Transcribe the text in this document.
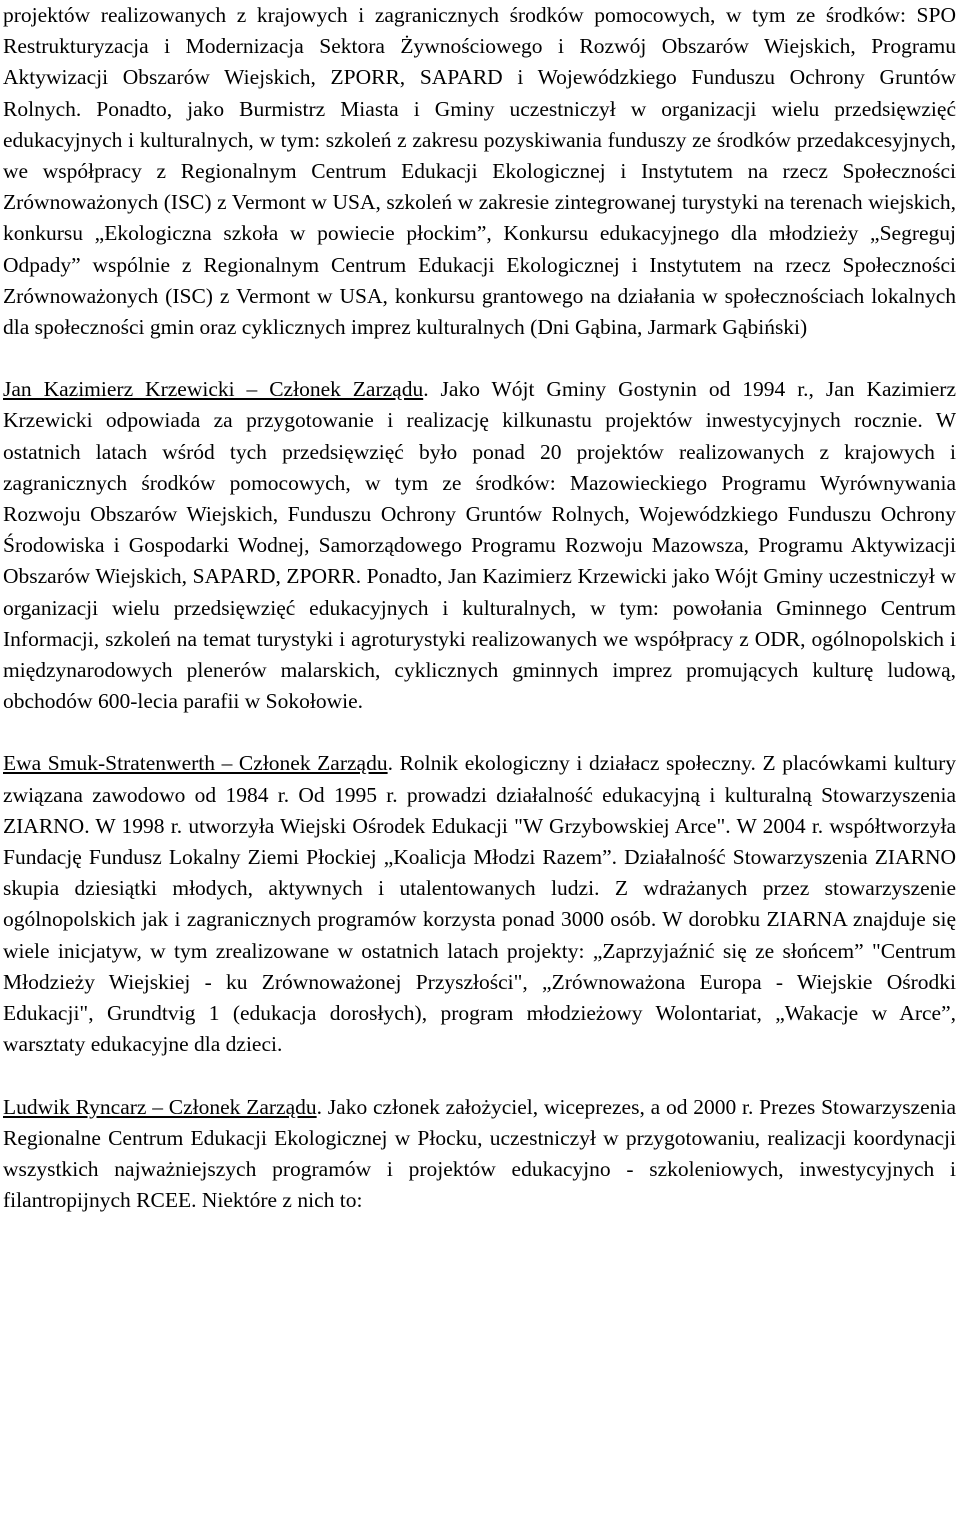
projektów realizowanych z krajowych i zagranicznych środków pomocowych, w tym ze środków: SPO Restrukturyzacja i Modernizacja Sektora Żywnościowego i Rozwój Obszarów Wiejskich, Programu Aktywizacji Obszarów Wiejskich, ZPORR, SAPARD i Wojewódzkiego Funduszu Ochrony Gruntów Rolnych. Ponadto, jako Burmistrz Miasta i Gminy uczestniczył w organizacji wielu przedsięwzięć edukacyjnych i kulturalnych, w tym: szkoleń z zakresu pozyskiwania funduszy ze środków przedakcesyjnych, we współpracy z Regionalnym Centrum Edukacji Ekologicznej i Instytutem na rzecz Społeczności Zrównoważonych (ISC) z Vermont w USA, szkoleń w zakresie zintegrowanej turystyki na terenach wiejskich, konkursu „Ekologiczna szkoła w powiecie płockim”, Konkursu edukacyjnego dla młodzieży „Segreguj Odpady” wspólnie z Regionalnym Centrum Edukacji Ekologicznej i Instytutem na rzecz Społeczności Zrównoważonych (ISC) z Vermont w USA, konkursu grantowego na działania w społecznościach lokalnych dla społeczności gmin oraz cyklicznych imprez kulturalnych (Dni Gąbina, Jarmark Gąbiński)

Jan Kazimierz Krzewicki – Członek Zarządu. Jako Wójt Gminy Gostynin od 1994 r., Jan Kazimierz Krzewicki odpowiada za przygotowanie i realizację kilkunastu projektów inwestycyjnych rocznie. W ostatnich latach wśród tych przedsięwzięć było ponad 20 projektów realizowanych z krajowych i zagranicznych środków pomocowych, w tym ze środków: Mazowieckiego Programu Wyrównywania Rozwoju Obszarów Wiejskich, Funduszu Ochrony Gruntów Rolnych, Wojewódzkiego Funduszu Ochrony Środowiska i Gospodarki Wodnej, Samorządowego Programu Rozwoju Mazowsza, Programu Aktywizacji Obszarów Wiejskich, SAPARD, ZPORR. Ponadto, Jan Kazimierz Krzewicki jako Wójt Gminy uczestniczył w organizacji wielu przedsięwzięć edukacyjnych i kulturalnych, w tym: powołania Gminnego Centrum Informacji, szkoleń na temat turystyki i agroturystyki realizowanych we współpracy z ODR, ogólnopolskich i międzynarodowych plenerów malarskich, cyklicznych gminnych imprez promujących kulturę ludową, obchodów 600-lecia parafii w Sokołowie.

Ewa Smuk-Stratenwerth – Członek Zarządu. Rolnik ekologiczny i działacz społeczny. Z placówkami kultury związana zawodowo od 1984 r. Od 1995 r. prowadzi działalność edukacyjną i kulturalną Stowarzyszenia ZIARNO. W 1998 r. utworzyła Wiejski Ośrodek Edukacji "W Grzybowskiej Arce". W 2004 r. współtworzyła Fundację Fundusz Lokalny Ziemi Płockiej „Koalicja Młodzi Razem”. Działalność Stowarzyszenia ZIARNO skupia dziesiątki młodych, aktywnych i utalentowanych ludzi. Z wdrażanych przez stowarzyszenie ogólnopolskich jak i zagranicznych programów korzysta ponad 3000 osób. W dorobku ZIARNA znajduje się wiele inicjatyw, w tym zrealizowane w ostatnich latach projekty: „Zaprzyjaźnić się ze słońcem” "Centrum Młodzieży Wiejskiej - ku Zrównoważonej Przyszłości", „Zrównoważona Europa - Wiejskie Ośrodki Edukacji", Grundtvig 1 (edukacja dorosłych), program młodzieżowy Wolontariat, „Wakacje w Arce”, warsztaty edukacyjne dla dzieci.

Ludwik Ryncarz – Członek Zarządu. Jako członek założyciel, wiceprezes, a od 2000 r. Prezes Stowarzyszenia Regionalne Centrum Edukacji Ekologicznej w Płocku, uczestniczył w przygotowaniu, realizacji koordynacji wszystkich najważniejszych programów i projektów edukacyjno - szkoleniowych, inwestycyjnych i filantropijnych RCEE. Niektóre z nich to:
